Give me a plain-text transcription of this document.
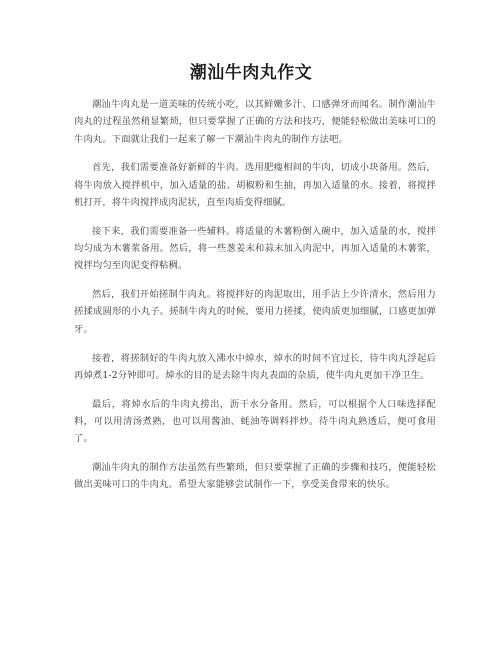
潮汕牛肉丸作文

潮汕牛肉丸是一道美味的传统小吃，以其鲜嫩多汁、口感弹牙而闻名。制作潮汕牛肉丸的过程虽然稍显繁琐，但只要掌握了正确的方法和技巧，便能轻松做出美味可口的牛肉丸。下面就让我们一起来了解一下潮汕牛肉丸的制作方法吧。

首先，我们需要准备好新鲜的牛肉。选用肥瘦相间的牛肉，切成小块备用。然后，将牛肉放入搅拌机中，加入适量的盐、胡椒粉和生抽，再加入适量的水。接着，将搅拌机打开，将牛肉搅拌成肉泥状，直至肉质变得细腻。

接下来，我们需要准备一些辅料。将适量的木薯粉倒入碗中，加入适量的水，搅拌均匀成为木薯浆备用。然后，将一些葱姜末和蒜末加入肉泥中，再加入适量的木薯浆，搅拌均匀至肉泥变得粘稠。

然后，我们开始搓制牛肉丸。将搅拌好的肉泥取出，用手沾上少许清水，然后用力搓揉成圆形的小丸子。搓制牛肉丸的时候，要用力搓揉，使肉质更加细腻，口感更加弹牙。

接着，将搓制好的牛肉丸放入沸水中焯水，焯水的时间不宜过长，待牛肉丸浮起后再焯煮1-2分钟即可。焯水的目的是去除牛肉丸表面的杂质，使牛肉丸更加干净卫生。

最后，将焯水后的牛肉丸捞出，沥干水分备用。然后，可以根据个人口味选择配料，可以用清汤煮熟，也可以用酱油、蚝油等调料拌炒。待牛肉丸熟透后，便可食用了。

潮汕牛肉丸的制作方法虽然有些繁琐，但只要掌握了正确的步骤和技巧，便能轻松做出美味可口的牛肉丸。希望大家能够尝试制作一下，享受美食带来的快乐。
